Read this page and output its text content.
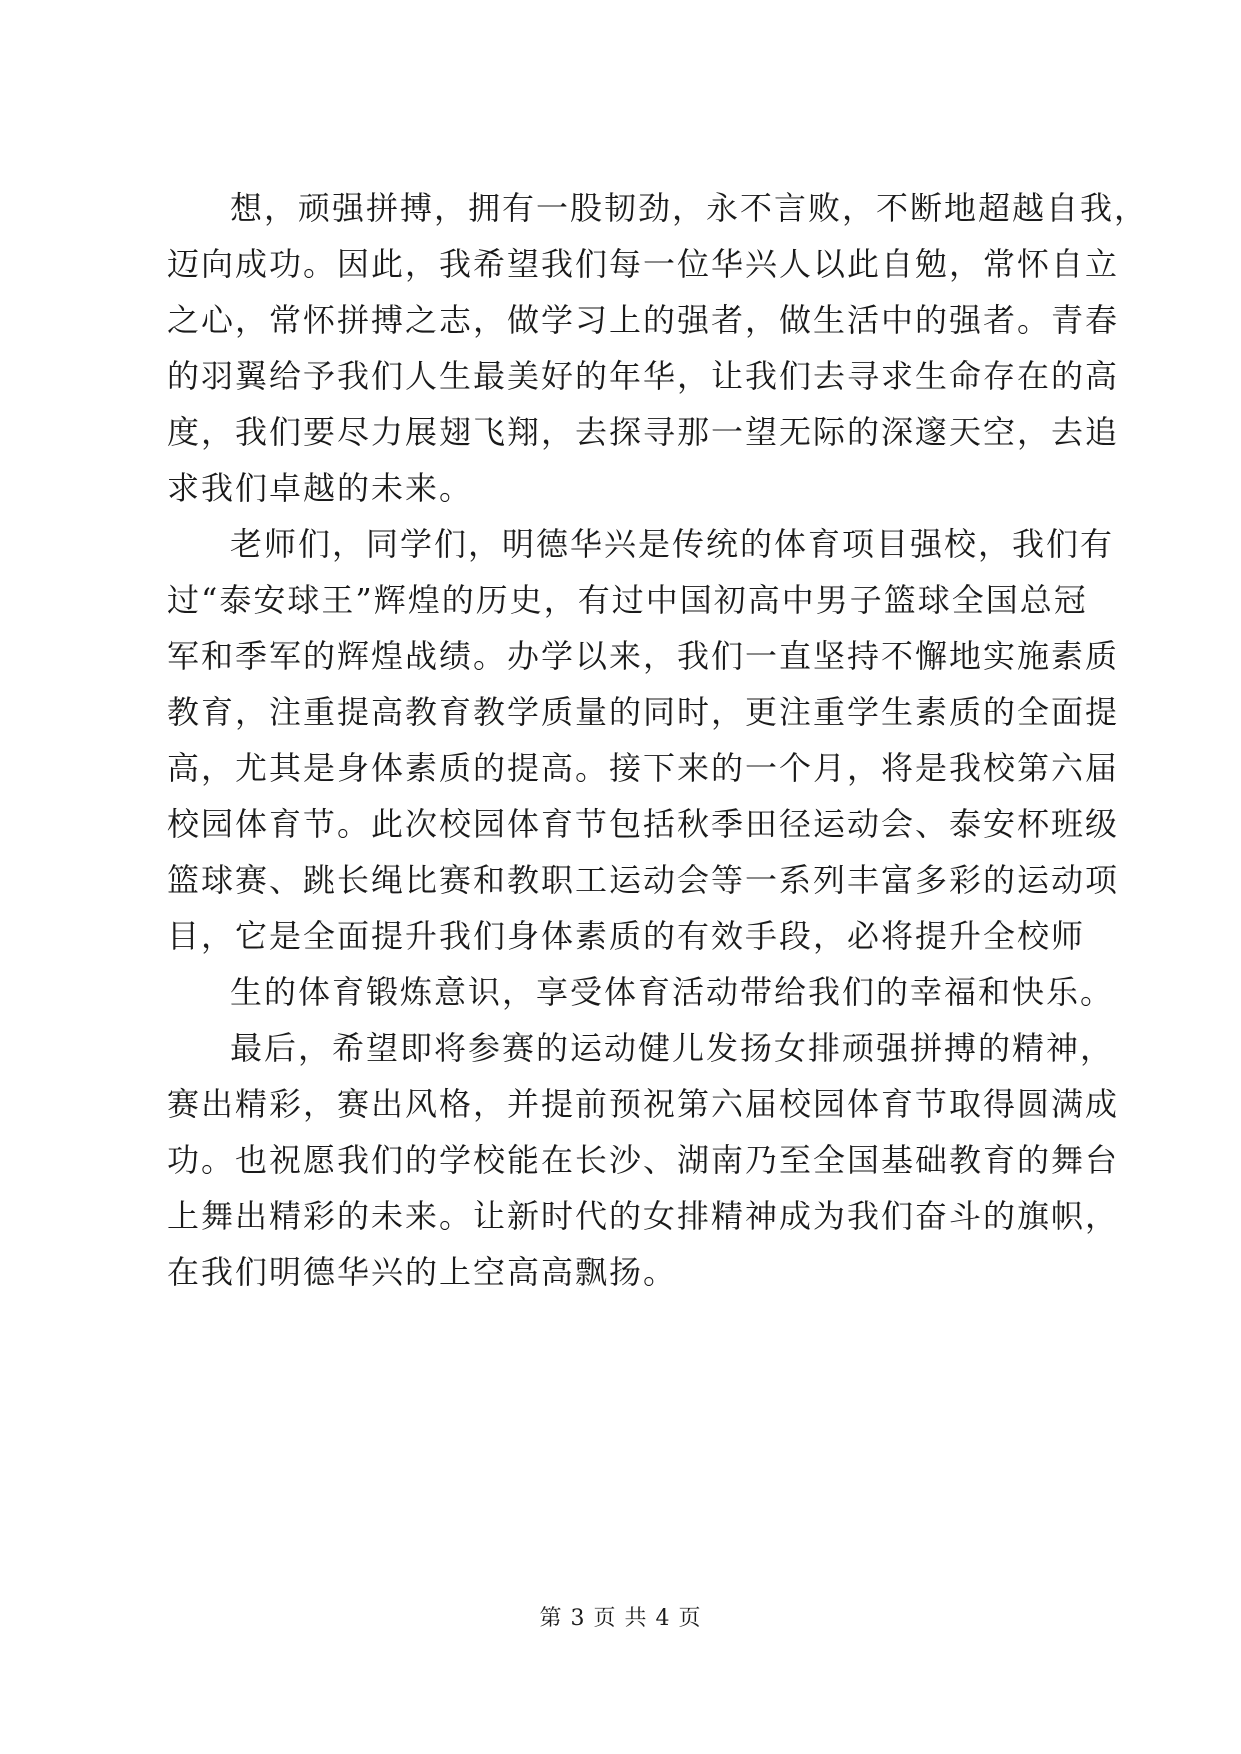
想，顽强拼搏，拥有一股韧劲，永不言败，不断地超越自我，
迈向成功。因此，我希望我们每一位华兴人以此自勉，常怀自立
之心，常怀拼搏之志，做学习上的强者，做生活中的强者。青春
的羽翼给予我们人生最美好的年华，让我们去寻求生命存在的高
度，我们要尽力展翅飞翔，去探寻那一望无际的深邃天空，去追
求我们卓越的未来。
老师们，同学们，明德华兴是传统的体育项目强校，我们有
过“泰安球王”辉煌的历史，有过中国初高中男子篮球全国总冠
军和季军的辉煌战绩。办学以来，我们一直坚持不懈地实施素质
教育，注重提高教育教学质量的同时，更注重学生素质的全面提
高，尤其是身体素质的提高。接下来的一个月，将是我校第六届
校园体育节。此次校园体育节包括秋季田径运动会、泰安杯班级
篮球赛、跳长绳比赛和教职工运动会等一系列丰富多彩的运动项
目，它是全面提升我们身体素质的有效手段，必将提升全校师
生的体育锻炼意识，享受体育活动带给我们的幸福和快乐。
最后，希望即将参赛的运动健儿发扬女排顽强拼搏的精神，
赛出精彩，赛出风格，并提前预祝第六届校园体育节取得圆满成
功。也祝愿我们的学校能在长沙、湖南乃至全国基础教育的舞台
上舞出精彩的未来。让新时代的女排精神成为我们奋斗的旗帜，
在我们明德华兴的上空高高飘扬。
第 3 页 共 4 页
